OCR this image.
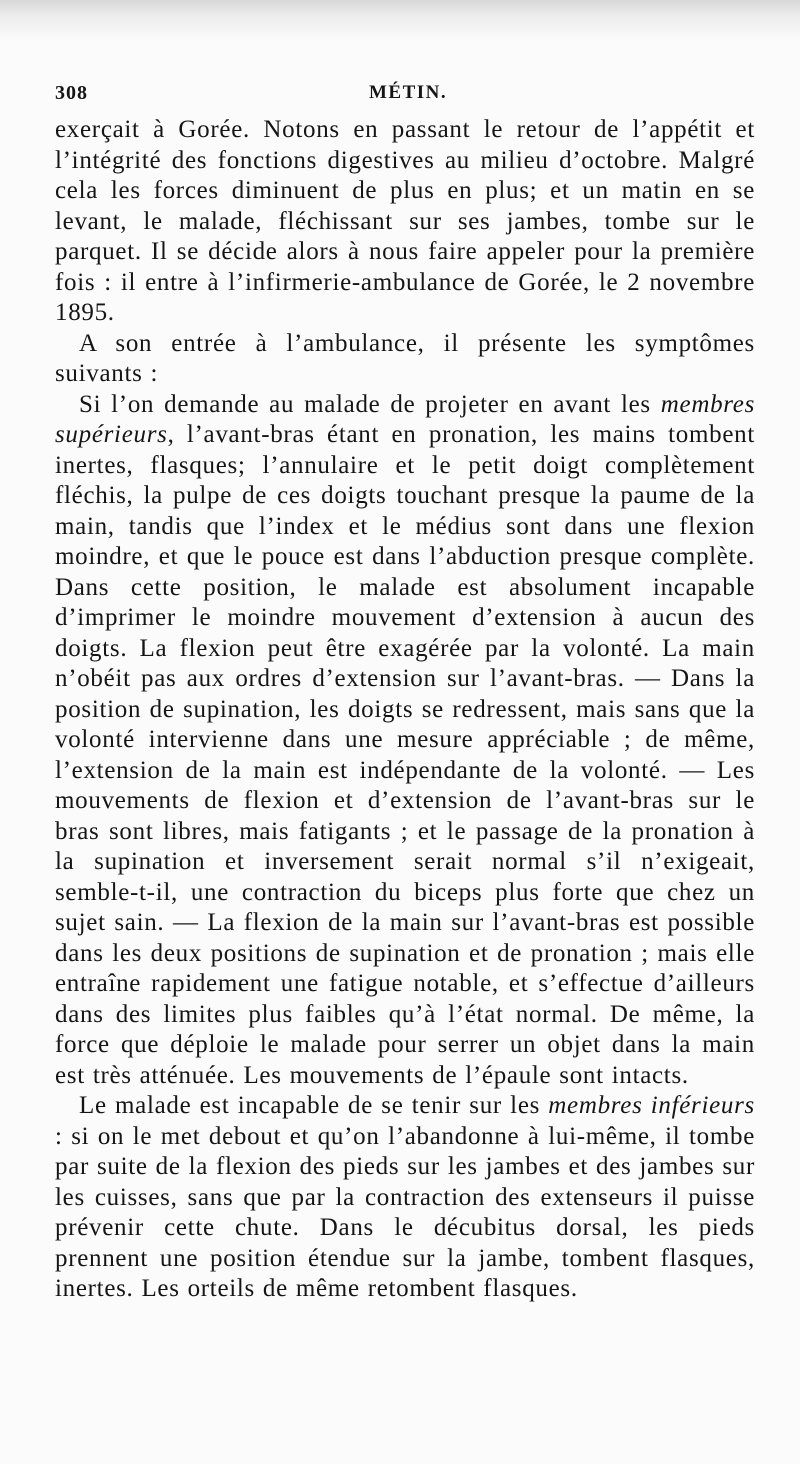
308	MÉTIN.

exerçait à Gorée. Notons en passant le retour de l’appétit et l’intégrité des fonctions digestives au milieu d’octobre. Malgré cela les forces diminuent de plus en plus; et un matin en se levant, le malade, fléchissant sur ses jambes, tombe sur le parquet. Il se décide alors à nous faire appeler pour la première fois : il entre à l’infirmerie-ambulance de Gorée, le 2 novembre 1895.

A son entrée à l’ambulance, il présente les symptômes suivants :

Si l’on demande au malade de projeter en avant les membres supérieurs, l’avant-bras étant en pronation, les mains tombent inertes, flasques; l’annulaire et le petit doigt complètement fléchis, la pulpe de ces doigts touchant presque la paume de la main, tandis que l’index et le médius sont dans une flexion moindre, et que le pouce est dans l’abduction presque complète. Dans cette position, le malade est absolument incapable d’imprimer le moindre mouvement d’extension à aucun des doigts. La flexion peut être exagérée par la volonté. La main n’obéit pas aux ordres d’extension sur l’avant-bras. — Dans la position de supination, les doigts se redressent, mais sans que la volonté intervienne dans une mesure appréciable ; de même, l’extension de la main est indépendante de la volonté. — Les mouvements de flexion et d’extension de l’avant-bras sur le bras sont libres, mais fatigants ; et le passage de la pronation à la supination et inversement serait normal s’il n’exigeait, semble-t-il, une contraction du biceps plus forte que chez un sujet sain. — La flexion de la main sur l’avant-bras est possible dans les deux positions de supination et de pronation ; mais elle entraîne rapidement une fatigue notable, et s’effectue d’ailleurs dans des limites plus faibles qu’à l’état normal. De même, la force que déploie le malade pour serrer un objet dans la main est très atténuée. Les mouvements de l’épaule sont intacts.

Le malade est incapable de se tenir sur les membres inférieurs : si on le met debout et qu’on l’abandonne à lui-même, il tombe par suite de la flexion des pieds sur les jambes et des jambes sur les cuisses, sans que par la contraction des extenseurs il puisse prévenir cette chute. Dans le décubitus dorsal, les pieds prennent une position étendue sur la jambe, tombent flasques, inertes. Les orteils de même retombent flasques.
